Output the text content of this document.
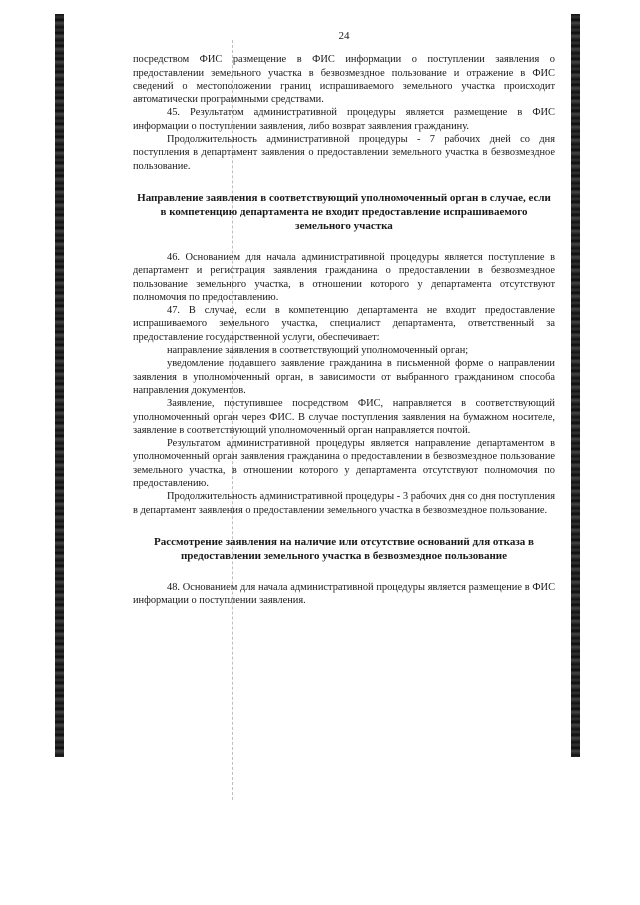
24

посредством ФИС размещение в ФИС информации о поступлении заявления о предоставлении земельного участка в безвозмездное пользование и отражение в ФИС сведений о местоположении границ испрашиваемого земельного участка происходит автоматически программными средствами.

45. Результатом административной процедуры является размещение в ФИС информации о поступлении заявления, либо возврат заявления гражданину.

Продолжительность административной процедуры - 7 рабочих дней со дня поступления в департамент заявления о предоставлении земельного участка в безвозмездное пользование.

Направление заявления в соответствующий уполномоченный орган в случае, если в компетенцию департамента не входит предоставление испрашиваемого земельного участка

46. Основанием для начала административной процедуры является поступление в департамент и регистрация заявления гражданина о предоставлении в безвозмездное пользование земельного участка, в отношении которого у департамента отсутствуют полномочия по предоставлению.

47. В случае, если в компетенцию департамента не входит предоставление испрашиваемого земельного участка, специалист департамента, ответственный за предоставление государственной услуги, обеспечивает:

направление заявления в соответствующий уполномоченный орган;

уведомление подавшего заявление гражданина в письменной форме о направлении заявления в уполномоченный орган, в зависимости от выбранного гражданином способа направления документов.

Заявление, поступившее посредством ФИС, направляется в соответствующий уполномоченный орган через ФИС. В случае поступления заявления на бумажном носителе, заявление в соответствующий уполномоченный орган направляется почтой.

Результатом административной процедуры является направление департаментом в уполномоченный орган заявления гражданина о предоставлении в безвозмездное пользование земельного участка, в отношении которого у департамента отсутствуют полномочия по предоставлению.

Продолжительность административной процедуры - 3 рабочих дня со дня поступления в департамент заявления о предоставлении земельного участка в безвозмездное пользование.

Рассмотрение заявления на наличие или отсутствие оснований для отказа в предоставлении земельного участка в безвозмездное пользование

48. Основанием для начала административной процедуры является размещение в ФИС информации о поступлении заявления.
